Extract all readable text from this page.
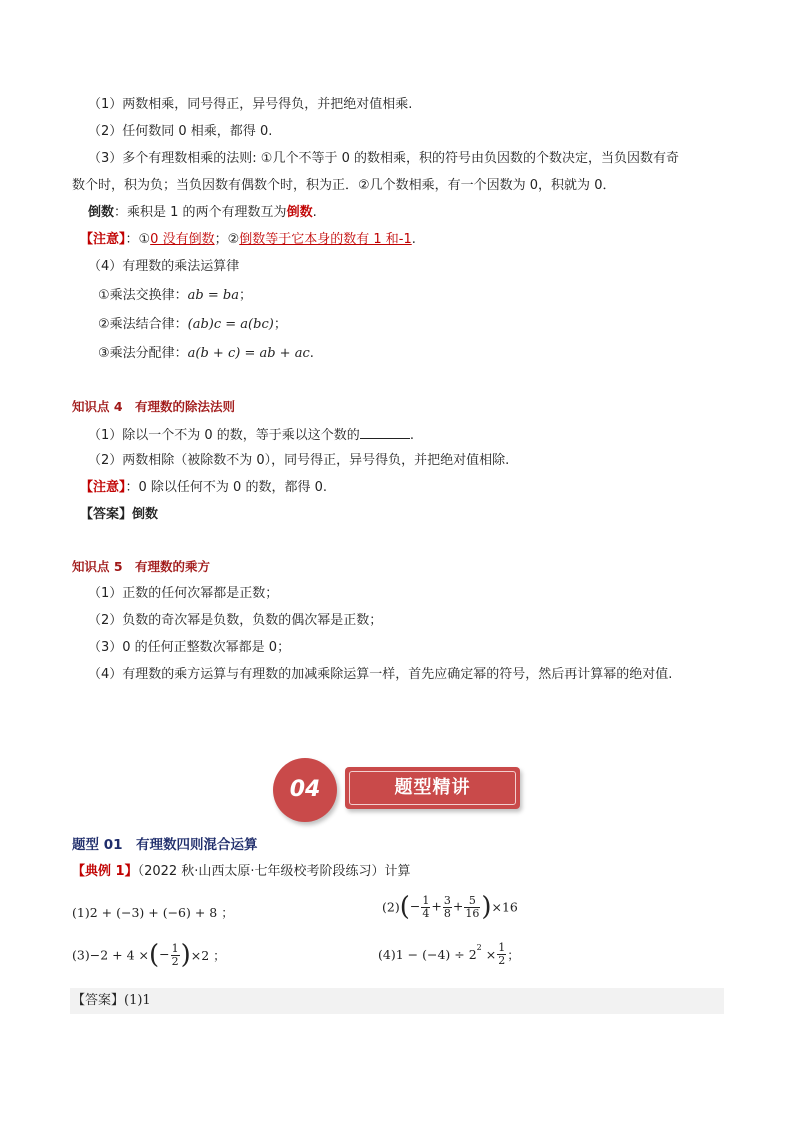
（1）两数相乘，同号得正，异号得负，并把绝对值相乘.
（2）任何数同 0 相乘，都得 0.
（3）多个有理数相乘的法则: ①几个不等于 0 的数相乘，积的符号由负因数的个数决定，当负因数有奇
数个时，积为负；当负因数有偶数个时，积为正．②几个数相乘，有一个因数为 0，积就为 0．
倒数：乘积是 1 的两个有理数互为倒数.
【注意】：①0 没有倒数；②倒数等于它本身的数有 1 和-1.
（4）有理数的乘法运算律
①乘法交换律：ab = ba；
②乘法结合律：(ab)c = a(bc)；
③乘法分配律：a(b + c) = ab + ac.
知识点 4　有理数的除法法则
（1）除以一个不为 0 的数，等于乘以这个数的	.
（2）两数相除（被除数不为 0），同号得正，异号得负，并把绝对值相除.
【注意】：0 除以任何不为 0 的数，都得 0.
【答案】倒数
知识点 5　有理数的乘方
（1）正数的任何次幂都是正数；
（2）负数的奇次幂是负数，负数的偶次幂是正数；
（3）0 的任何正整数次幂都是 0；
（4）有理数的乘方运算与有理数的加减乘除运算一样，首先应确定幂的符号，然后再计算幂的绝对值.
04	题型精讲
题型 01　有理数四则混合运算
【典例 1】（2022 秋·山西太原·七年级校考阶段练习）计算
(1)2 + (−3) + (−6) + 8 ；	$(2)(- \frac{1}{4} + \frac{3}{8} + \frac{5}{16} )\times 16$
(3)−2 + 4 ×(− $\frac{1}{2} )\times 2$ ；	$(4)1 - (-4) \div 2^2 \times \frac{1}{2}$ ；
【答案】(1)1
